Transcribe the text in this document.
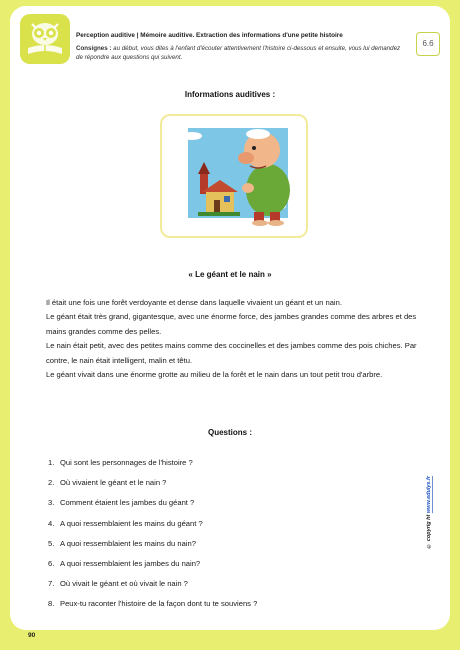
Perception auditive | Mémoire auditive. Extraction des informations d'une petite histoire
Consignes : au début, vous dites à l'enfant d'écouter attentivement l'histoire ci-dessous et ensuite, vous lui demandez de répondre aux questions qui suivent.
6.6
Informations auditives :
« Le géant et le nain »

Il était une fois une forêt verdoyante et dense dans laquelle vivaient un géant et un nain.

Le géant était très grand, gigantesque, avec une énorme force, des jambes grandes comme des arbres et des mains grandes comme des pelles.

Le nain était petit, avec des petites mains comme des coccinelles et des jambes comme des pois chiches. Par contre, le nain était intelligent, malin et têtu.

Le géant vivait dans une énorme grotte au milieu de la forêt et le nain dans un tout petit trou d'arbre.

Questions :
1. Qui sont les personnages de l'histoire ?
2. Où vivaient le géant et le nain ?
3. Comment étaient les jambes du géant ?
4. A quoi ressemblaient les mains du géant ?
5. A quoi ressemblaient les mains du nain?
6. A quoi ressemblaient les jambes du nain?
7. Où vivait le géant et où vivait le nain ?
8. Peux-tu raconter l'histoire de la façon dont tu te souviens ?
© copyrig ht www.edulys.fr
90
